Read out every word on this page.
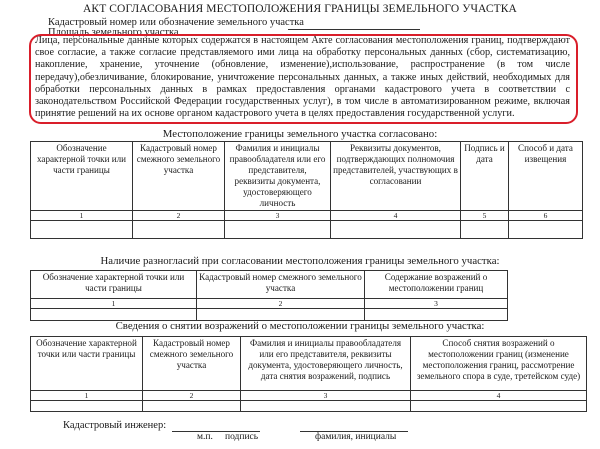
АКТ СОГЛАСОВАНИЯ МЕСТОПОЛОЖЕНИЯ ГРАНИЦЫ ЗЕМЕЛЬНОГО УЧАСТКА
Кадастровый номер или обозначение земельного участка
Площадь земельного участка
Лица, персональные данные которых содержатся в настоящем Акте согласования местоположения границ, подтверждают свое согласие, а также согласие представляемого ими лица на обработку персональных данных (сбор, систематизацию, накопление, хранение, уточнение (обновление, изменение),использование, распространение (в том числе передачу),обезличивание, блокирование, уничтожение персональных данных, а также иных действий, необходимых для обработки персональных данных в рамках предоставления органами кадастрового учета в соответствии с законодательством Российской Федерации государственных услуг), в том числе в автоматизированном режиме, включая принятие решений на их основе органом кадастрового учета в целях предоставления государственной услуги.
Местоположение границы земельного участка согласовано:
Обозначение характерной точки или части границы	Кадастровый номер смежного земельного участка	Фамилия и инициалы правообладателя или его представителя, реквизиты документа, удостоверяющего личность	Реквизиты документов, подтверждающих полномочия представителей, участвующих в согласовании	Подпись и дата	Способ и дата извещения
1	2	3	4	5	6

Наличие разногласий при согласовании местоположения границы земельного участка:
Обозначение характерной точки или части границы	Кадастровый номер смежного земельного участка	Содержание возражений о местоположении границ
1	2	3

Сведения о снятии возражений о местоположении границы земельного участка:
Обозначение характерной точки или части границы	Кадастровый номер смежного земельного участка	Фамилия и инициалы правообладателя или его представителя, реквизиты документа, удостоверяющего личность, дата снятия возражений, подпись	Способ снятия возражений о местоположении границ (изменение местоположения границ, рассмотрение земельного спора в суде, третейском суде)
1	2	3	4

Кадастровый инженер:
м.п. подпись	фамилия, инициалы
